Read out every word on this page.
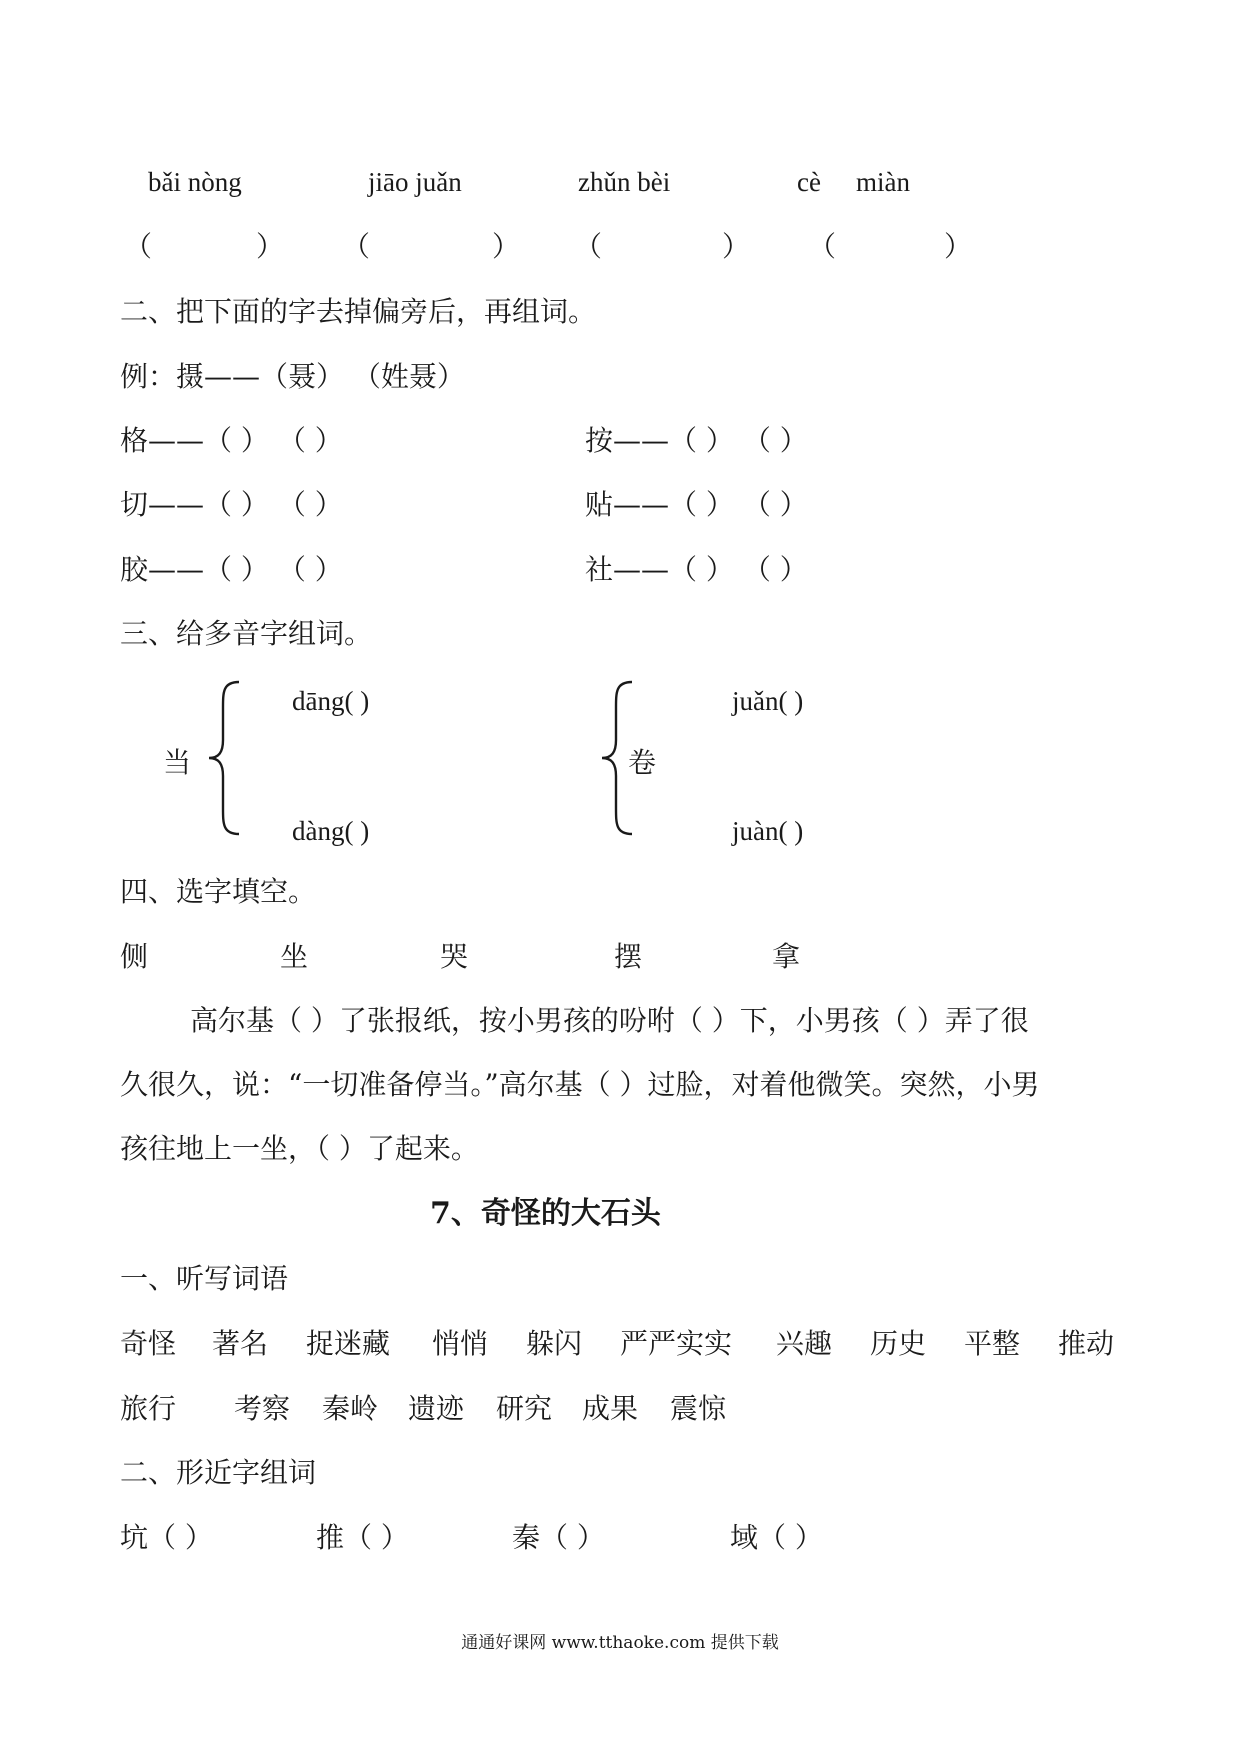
bǎi nòng	jiāo juǎn	zhǔn bèi	cè miàn
（	） （	） （	） （	）
二、把下面的字去掉偏旁后，再组词。
例：摄——（聂） （姓聂）
格——（ ） （ ）	按——（ ） （ ）
切——（ ） （ ）	贴——（ ） （ ）
胶——（ ） （ ）	社——（ ） （ ）
三、给多音字组词。
当
dāng( )
dàng( )
卷
juǎn( )
juàn( )
四、选字填空。
侧	坐	哭	摆	拿
高尔基（ ）了张报纸，按小男孩的吩咐（ ）下，小男孩（ ）弄了很
久很久，说：“一切准备停当。”高尔基（ ）过脸，对着他微笑。突然，小男
孩往地上一坐，（ ）了起来。
7、奇怪的大石头
一、听写词语
奇怪 著名 捉迷藏 悄悄 躲闪 严严实实 兴趣 历史 平整 推动
旅行 考察 秦岭 遗迹 研究 成果 震惊
二、形近字组词
坑（ ）	推（ ）	秦（ ）	域（ ）
通通好课网 www.tthaoke.com 提供下载
